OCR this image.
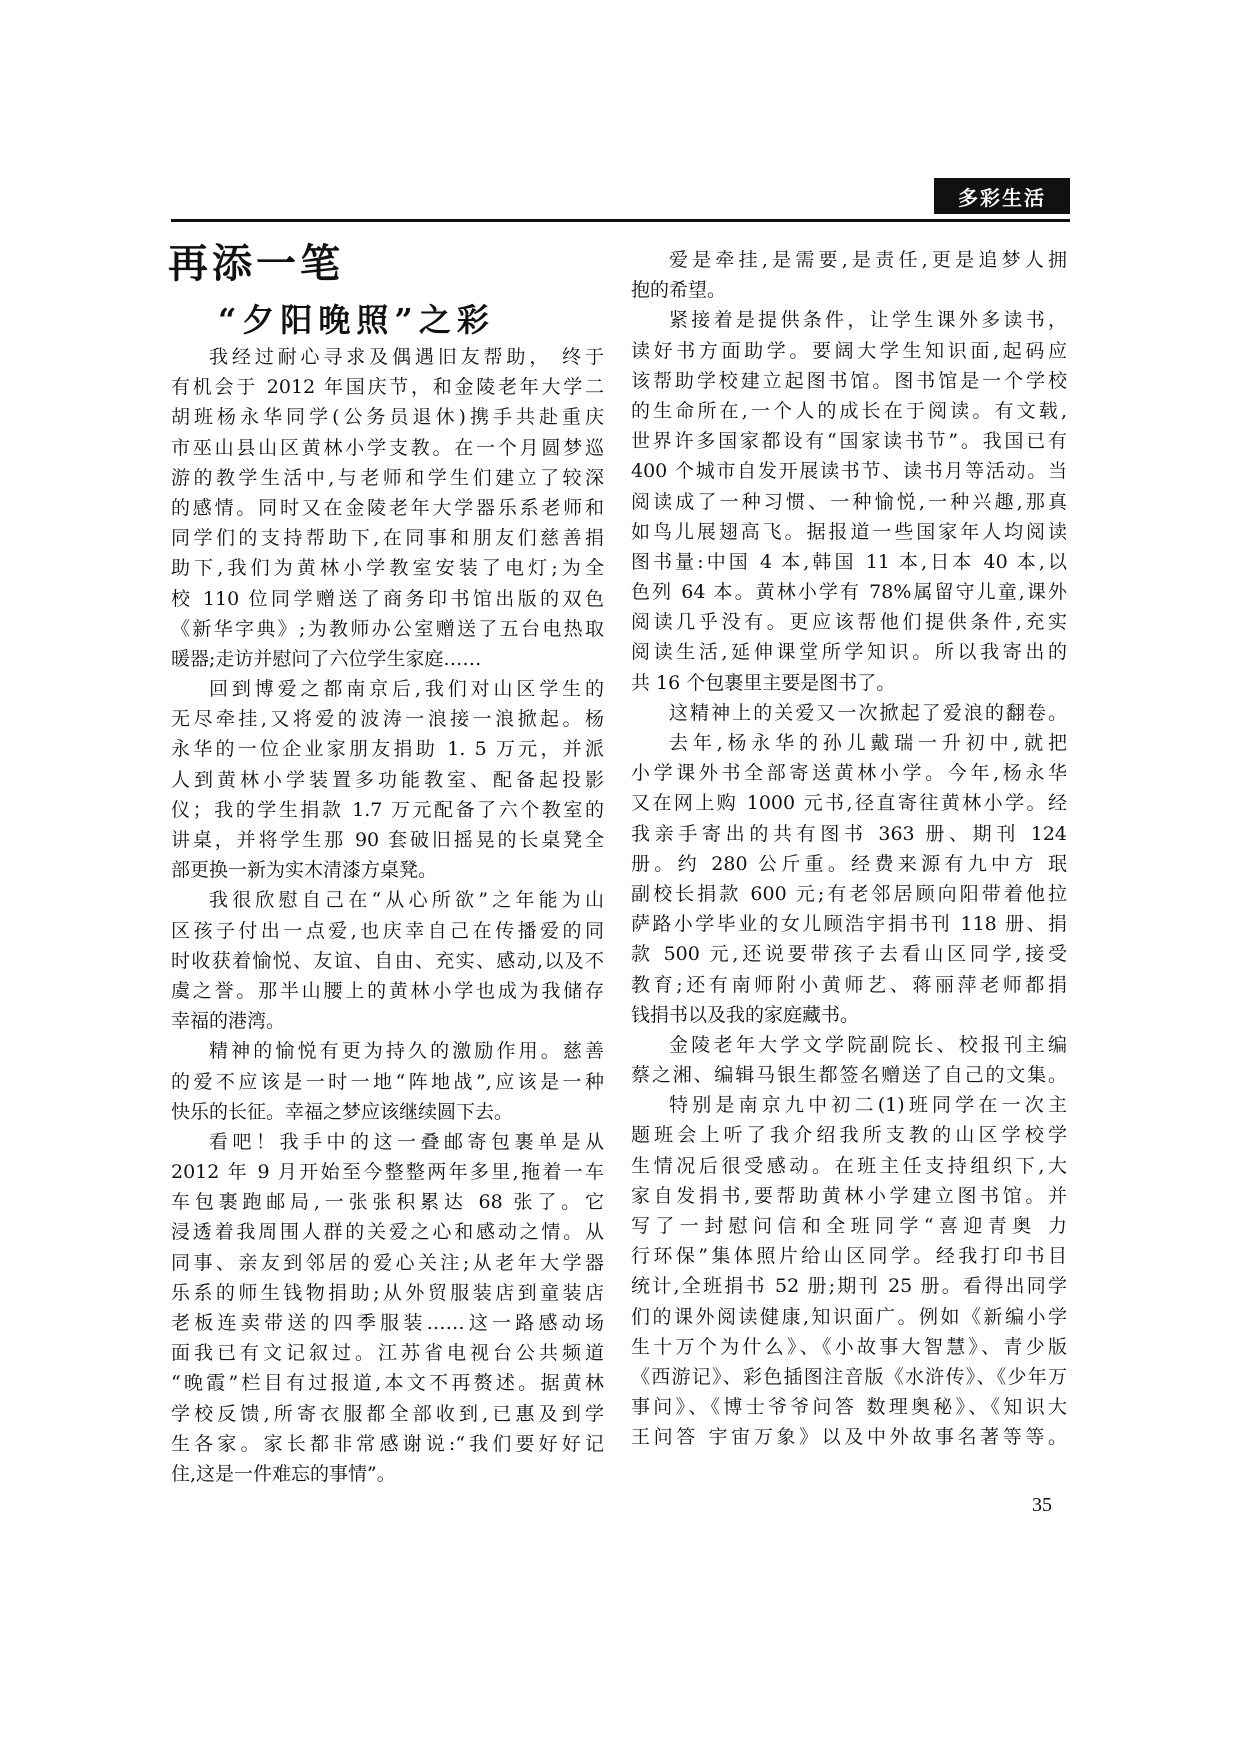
多彩生活
再添一笔
“夕阳晚照”之彩
我经过耐心寻求及偶遇旧友帮助， 终于
有机会于 2012 年国庆节，和金陵老年大学二
胡班杨永华同学(公务员退休)携手共赴重庆
市巫山县山区黄林小学支教。在一个月圆梦巡
游的教学生活中,与老师和学生们建立了较深
的感情。同时又在金陵老年大学器乐系老师和
同学们的支持帮助下,在同事和朋友们慈善捐
助下,我们为黄林小学教室安装了电灯;为全
校 110 位同学赠送了商务印书馆出版的双色
《新华字典》;为教师办公室赠送了五台电热取
暖器;走访并慰问了六位学生家庭……
回到博爱之都南京后,我们对山区学生的
无尽牵挂,又将爱的波涛一浪接一浪掀起。杨
永华的一位企业家朋友捐助 1. 5 万元，并派
人到黄林小学装置多功能教室、配备起投影
仪；我的学生捐款 1.7 万元配备了六个教室的
讲桌，并将学生那 90 套破旧摇晃的长桌凳全
部更换一新为实木清漆方桌凳。
我很欣慰自己在“从心所欲”之年能为山
区孩子付出一点爱,也庆幸自己在传播爱的同
时收获着愉悦、友谊、自由、充实、感动,以及不
虞之誉。那半山腰上的黄林小学也成为我储存
幸福的港湾。
精神的愉悦有更为持久的激励作用。慈善
的爱不应该是一时一地“阵地战”,应该是一种
快乐的长征。幸福之梦应该继续圆下去。
看吧！我手中的这一叠邮寄包裹单是从
2012 年 9 月开始至今整整两年多里,拖着一车
车包裹跑邮局,一张张积累达 68 张了。它
浸透着我周围人群的关爱之心和感动之情。从
同事、亲友到邻居的爱心关注;从老年大学器
乐系的师生钱物捐助;从外贸服装店到童装店
老板连卖带送的四季服装……这一路感动场
面我已有文记叙过。江苏省电视台公共频道
“晚霞”栏目有过报道,本文不再赘述。据黄林
学校反馈,所寄衣服都全部收到,已惠及到学
生各家。家长都非常感谢说:“我们要好好记
住,这是一件难忘的事情”。
爱是牵挂,是需要,是责任,更是追梦人拥
抱的希望。
紧接着是提供条件，让学生课外多读书，
读好书方面助学。要阔大学生知识面,起码应
该帮助学校建立起图书馆。图书馆是一个学校
的生命所在,一个人的成长在于阅读。有文载,
世界许多国家都设有“国家读书节”。我国已有
400 个城市自发开展读书节、读书月等活动。当
阅读成了一种习惯、一种愉悦,一种兴趣,那真
如鸟儿展翅高飞。据报道一些国家年人均阅读
图书量:中国 4 本,韩国 11 本,日本 40 本,以
色列 64 本。黄林小学有 78%属留守儿童,课外
阅读几乎没有。更应该帮他们提供条件,充实
阅读生活,延伸课堂所学知识。所以我寄出的
共 16 个包裹里主要是图书了。
这精神上的关爱又一次掀起了爱浪的翻卷。
去年,杨永华的孙儿戴瑞一升初中,就把
小学课外书全部寄送黄林小学。今年,杨永华
又在网上购 1000 元书,径直寄往黄林小学。经
我亲手寄出的共有图书 363 册、期刊 124
册。约 280 公斤重。经费来源有九中方 珉
副校长捐款 600 元;有老邻居顾向阳带着他拉
萨路小学毕业的女儿顾浩宇捐书刊 118 册、捐
款 500 元,还说要带孩子去看山区同学,接受
教育;还有南师附小黄师艺、蒋丽萍老师都捐
钱捐书以及我的家庭藏书。
金陵老年大学文学院副院长、校报刊主编
蔡之湘、编辑马银生都签名赠送了自己的文集。
特别是南京九中初二(1)班同学在一次主
题班会上听了我介绍我所支教的山区学校学
生情况后很受感动。在班主任支持组织下,大
家自发捐书,要帮助黄林小学建立图书馆。并
写了一封慰问信和全班同学“喜迎青奥 力
行环保”集体照片给山区同学。经我打印书目
统计,全班捐书 52 册;期刊 25 册。看得出同学
们的课外阅读健康,知识面广。例如《新编小学
生十万个为什么》、《小故事大智慧》、青少版
《西游记》、彩色插图注音版《水浒传》、《少年万
事问》、《博士爷爷问答 数理奥秘》、《知识大
王问答 宇宙万象》以及中外故事名著等等。
35
